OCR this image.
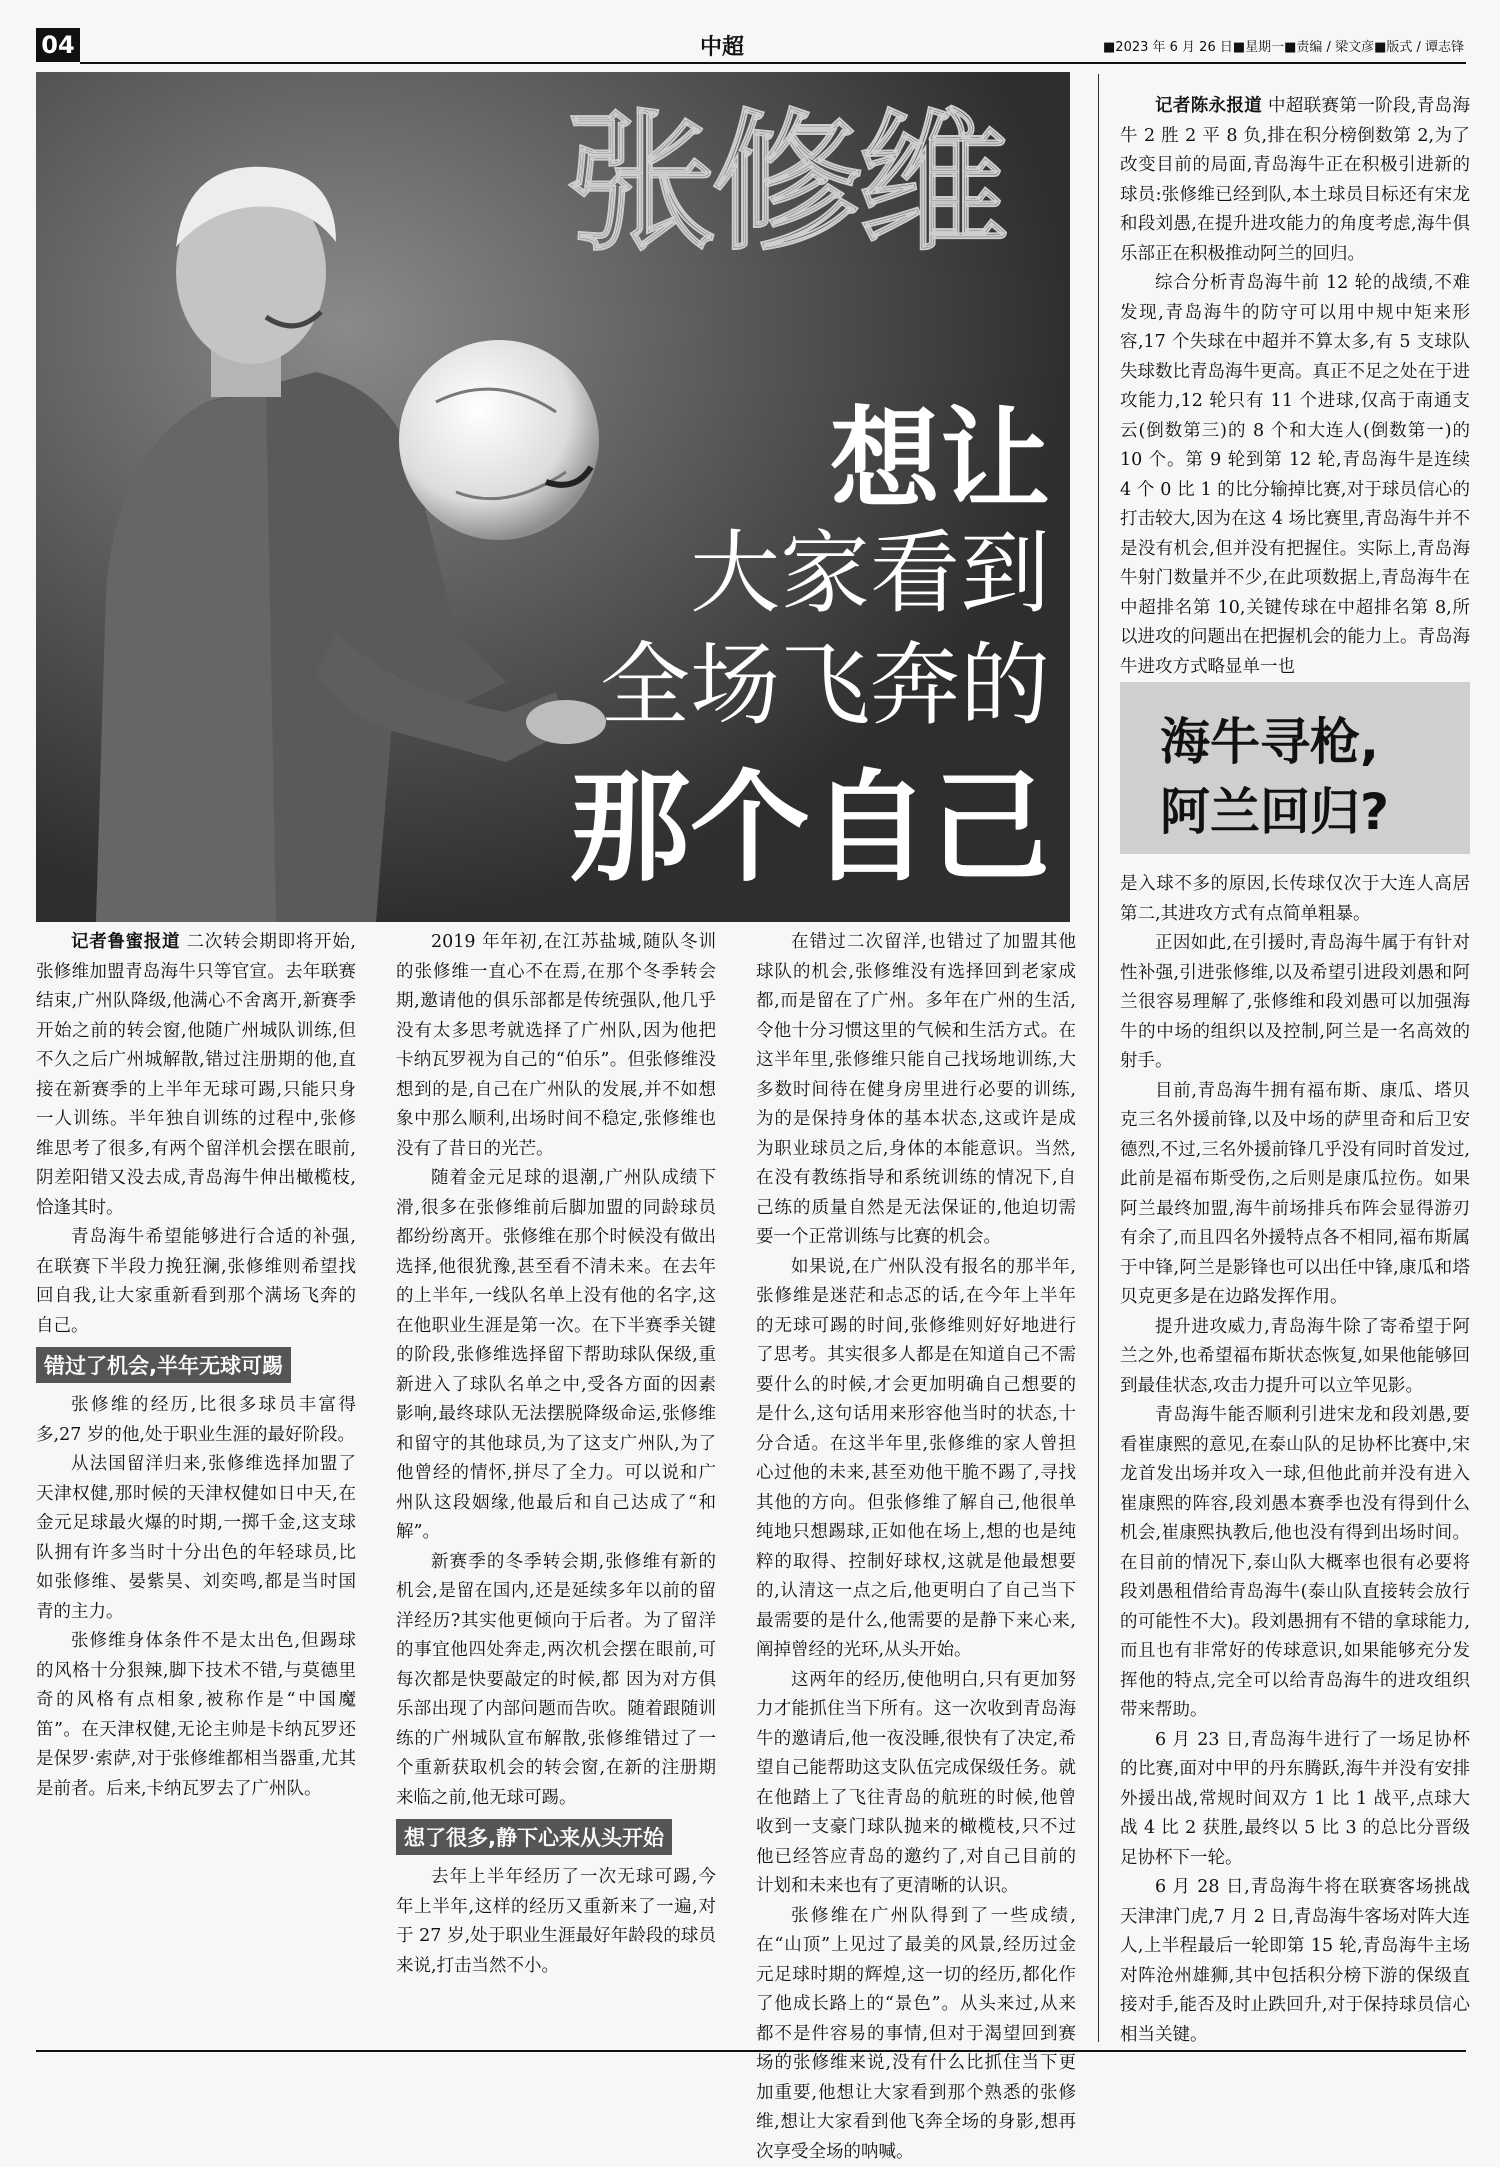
04	中超	■2023 年 6 月 26 日■星期一■责编 / 梁文彦■版式 / 谭志锋
张修维
想让
大家看到
全场飞奔的
那个自己

记者鲁蜜报道 二次转会期即将开始,张修维加盟青岛海牛只等官宣。去年联赛结束,广州队降级,他满心不舍离开,新赛季开始之前的转会窗,他随广州城队训练,但不久之后广州城解散,错过注册期的他,直接在新赛季的上半年无球可踢,只能只身一人训练。半年独自训练的过程中,张修维思考了很多,有两个留洋机会摆在眼前,阴差阳错又没去成,青岛海牛伸出橄榄枝,恰逢其时。

青岛海牛希望能够进行合适的补强,在联赛下半段力挽狂澜,张修维则希望找回自我,让大家重新看到那个满场飞奔的自己。

错过了机会,半年无球可踢

张修维的经历,比很多球员丰富得多,27 岁的他,处于职业生涯的最好阶段。

从法国留洋归来,张修维选择加盟了天津权健,那时候的天津权健如日中天,在金元足球最火爆的时期,一掷千金,这支球队拥有许多当时十分出色的年轻球员,比如张修维、晏紫昊、刘奕鸣,都是当时国青的主力。

张修维身体条件不是太出色,但踢球的风格十分狠辣,脚下技术不错,与莫德里奇的风格有点相象,被称作是“中国魔笛”。在天津权健,无论主帅是卡纳瓦罗还是保罗·索萨,对于张修维都相当器重,尤其是前者。后来,卡纳瓦罗去了广州队。

2019 年年初,在江苏盐城,随队冬训的张修维一直心不在焉,在那个冬季转会期,邀请他的俱乐部都是传统强队,他几乎没有太多思考就选择了广州队,因为他把卡纳瓦罗视为自己的“伯乐”。但张修维没想到的是,自己在广州队的发展,并不如想象中那么顺利,出场时间不稳定,张修维也没有了昔日的光芒。

随着金元足球的退潮,广州队成绩下滑,很多在张修维前后脚加盟的同龄球员都纷纷离开。张修维在那个时候没有做出选择,他很犹豫,甚至看不清未来。在去年的上半年,一线队名单上没有他的名字,这在他职业生涯是第一次。在下半赛季关键的阶段,张修维选择留下帮助球队保级,重新进入了球队名单之中,受各方面的因素影响,最终球队无法摆脱降级命运,张修维和留守的其他球员,为了这支广州队,为了他曾经的情怀,拼尽了全力。可以说和广州队这段姻缘,他最后和自己达成了“和解”。

新赛季的冬季转会期,张修维有新的机会,是留在国内,还是延续多年以前的留洋经历?其实他更倾向于后者。为了留洋的事宜他四处奔走,两次机会摆在眼前,可每次都是快要敲定的时候,都 因为对方俱乐部出现了内部问题而告吹。随着跟随训练的广州城队宣布解散,张修维错过了一个重新获取机会的转会窗,在新的注册期来临之前,他无球可踢。

想了很多,静下心来从头开始

去年上半年经历了一次无球可踢,今年上半年,这样的经历又重新来了一遍,对于 27 岁,处于职业生涯最好年龄段的球员来说,打击当然不小。

在错过二次留洋,也错过了加盟其他球队的机会,张修维没有选择回到老家成都,而是留在了广州。多年在广州的生活,令他十分习惯这里的气候和生活方式。在这半年里,张修维只能自己找场地训练,大多数时间待在健身房里进行必要的训练,为的是保持身体的基本状态,这或许是成为职业球员之后,身体的本能意识。当然,在没有教练指导和系统训练的情况下,自己练的质量自然是无法保证的,他迫切需要一个正常训练与比赛的机会。

如果说,在广州队没有报名的那半年,张修维是迷茫和忐忑的话,在今年上半年的无球可踢的时间,张修维则好好地进行了思考。其实很多人都是在知道自己不需要什么的时候,才会更加明确自己想要的是什么,这句话用来形容他当时的状态,十分合适。在这半年里,张修维的家人曾担心过他的未来,甚至劝他干脆不踢了,寻找其他的方向。但张修维了解自己,他很单纯地只想踢球,正如他在场上,想的也是纯粹的取得、控制好球权,这就是他最想要的,认清这一点之后,他更明白了自己当下最需要的是什么,他需要的是静下来心来,阐掉曾经的光环,从头开始。

这两年的经历,使他明白,只有更加努力才能抓住当下所有。这一次收到青岛海牛的邀请后,他一夜没睡,很快有了决定,希望自己能帮助这支队伍完成保级任务。就在他踏上了飞往青岛的航班的时候,他曾收到一支豪门球队抛来的橄榄枝,只不过他已经答应青岛的邀约了,对自己目前的计划和未来也有了更清晰的认识。

张修维在广州队得到了一些成绩,在“山顶”上见过了最美的风景,经历过金元足球时期的辉煌,这一切的经历,都化作了他成长路上的“景色”。从头来过,从来都不是件容易的事情,但对于渴望回到赛场的张修维来说,没有什么比抓住当下更加重要,他想让大家看到那个熟悉的张修维,想让大家看到他飞奔全场的身影,想再次享受全场的呐喊。

记者陈永报道 中超联赛第一阶段,青岛海牛 2 胜 2 平 8 负,排在积分榜倒数第 2,为了改变目前的局面,青岛海牛正在积极引进新的球员:张修维已经到队,本土球员目标还有宋龙和段刘愚,在提升进攻能力的角度考虑,海牛俱乐部正在积极推动阿兰的回归。

综合分析青岛海牛前 12 轮的战绩,不难发现,青岛海牛的防守可以用中规中矩来形容,17 个失球在中超并不算太多,有 5 支球队失球数比青岛海牛更高。真正不足之处在于进攻能力,12 轮只有 11 个进球,仅高于南通支云(倒数第三)的 8 个和大连人(倒数第一)的 10 个。第 9 轮到第 12 轮,青岛海牛是连续 4 个 0 比 1 的比分输掉比赛,对于球员信心的打击较大,因为在这 4 场比赛里,青岛海牛并不是没有机会,但并没有把握住。实际上,青岛海牛射门数量并不少,在此项数据上,青岛海牛在中超排名第 10,关键传球在中超排名第 8,所以进攻的问题出在把握机会的能力上。青岛海牛进攻方式略显单一也

海牛寻枪,
阿兰回归?

是入球不多的原因,长传球仅次于大连人高居第二,其进攻方式有点简单粗暴。

正因如此,在引援时,青岛海牛属于有针对性补强,引进张修维,以及希望引进段刘愚和阿兰很容易理解了,张修维和段刘愚可以加强海牛的中场的组织以及控制,阿兰是一名高效的射手。

目前,青岛海牛拥有福布斯、康瓜、塔贝克三名外援前锋,以及中场的萨里奇和后卫安德烈,不过,三名外援前锋几乎没有同时首发过,此前是福布斯受伤,之后则是康瓜拉伤。如果阿兰最终加盟,海牛前场排兵布阵会显得游刃有余了,而且四名外援特点各不相同,福布斯属于中锋,阿兰是影锋也可以出任中锋,康瓜和塔贝克更多是在边路发挥作用。

提升进攻威力,青岛海牛除了寄希望于阿兰之外,也希望福布斯状态恢复,如果他能够回到最佳状态,攻击力提升可以立竿见影。

青岛海牛能否顺利引进宋龙和段刘愚,要看崔康熙的意见,在泰山队的足协杯比赛中,宋龙首发出场并攻入一球,但他此前并没有进入崔康熙的阵容,段刘愚本赛季也没有得到什么机会,崔康熙执教后,他也没有得到出场时间。在目前的情况下,泰山队大概率也很有必要将段刘愚租借给青岛海牛(泰山队直接转会放行的可能性不大)。段刘愚拥有不错的拿球能力,而且也有非常好的传球意识,如果能够充分发挥他的特点,完全可以给青岛海牛的进攻组织带来帮助。

6 月 23 日,青岛海牛进行了一场足协杯的比赛,面对中甲的丹东腾跃,海牛并没有安排外援出战,常规时间双方 1 比 1 战平,点球大战 4 比 2 获胜,最终以 5 比 3 的总比分晋级足协杯下一轮。

6 月 28 日,青岛海牛将在联赛客场挑战天津津门虎,7 月 2 日,青岛海牛客场对阵大连人,上半程最后一轮即第 15 轮,青岛海牛主场对阵沧州雄狮,其中包括积分榜下游的保级直接对手,能否及时止跌回升,对于保持球员信心相当关键。
